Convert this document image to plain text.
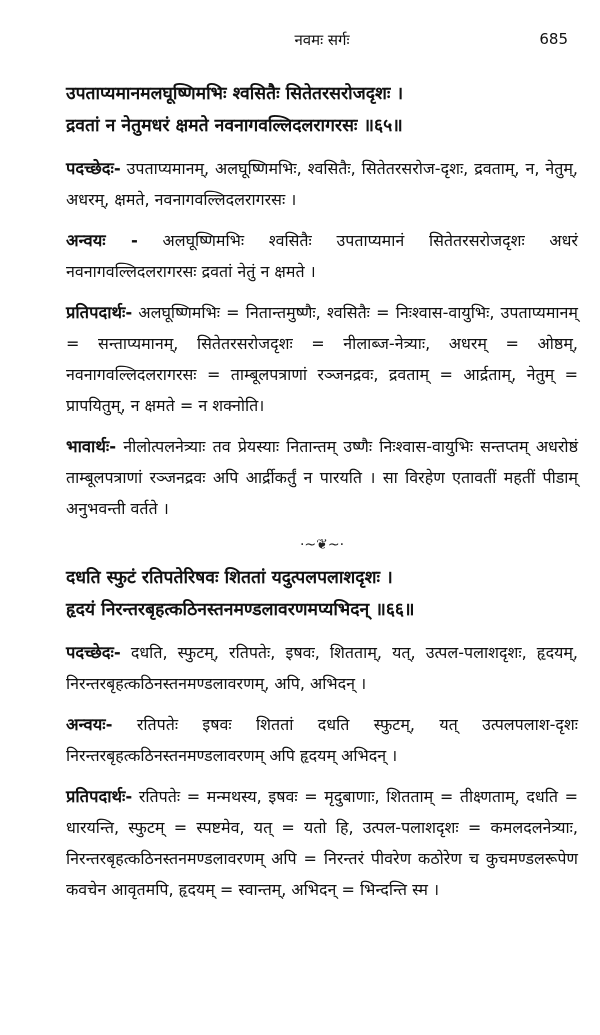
नवमः सर्गः	685

उपताप्यमानमलघूष्णिमभिः श्वसितैः सितेतरसरोजदृशः ।
द्रवतां न नेतुमधरं क्षमते नवनागवल्लिदलरागरसः ॥६५॥

पदच्छेदः- उपताप्यमानम्, अलघूष्णिमभिः, श्वसितैः, सितेतरसरोज-दृशः, द्रवताम्, न, नेतुम्, अधरम्, क्षमते, नवनागवल्लिदलरागरसः ।

अन्वयः - अलघूष्णिमभिः श्वसितैः उपताप्यमानं सितेतरसरोजदृशः अधरं नवनागवल्लिदलरागरसः द्रवतां नेतुं न क्षमते ।

प्रतिपदार्थः- अलघूष्णिमभिः = नितान्तमुष्णैः, श्वसितैः = निःश्वास-वायुभिः, उपताप्यमानम् = सन्ताप्यमानम्, सितेतरसरोजदृशः = नीलाब्ज-नेत्र्याः, अधरम् = ओष्ठम्, नवनागवल्लिदलरागरसः = ताम्बूलपत्राणां रञ्जनद्रवः, द्रवताम् = आर्द्रताम्, नेतुम् = प्रापयितुम्, न क्षमते = न शक्नोति।

भावार्थः- नीलोत्पलनेत्र्याः तव प्रेयस्याः नितान्तम् उष्णैः निःश्वास-वायुभिः सन्तप्तम् अधरोष्ठं ताम्बूलपत्राणां रञ्जनद्रवः अपि आर्द्रीकर्तुं न पारयति । सा विरहेण एतावतीं महतीं पीडाम् अनुभवन्ती वर्तते ।

·~❦~·

दधति स्फुटं रतिपतेरिषवः शिततां यदुत्पलपलाशदृशः ।
हृदयं निरन्तरबृहत्कठिनस्तनमण्डलावरणमप्यभिदन् ॥६६॥

पदच्छेदः- दधति, स्फुटम्, रतिपतेः, इषवः, शितताम्, यत्, उत्पल-पलाशदृशः, हृदयम्, निरन्तरबृहत्कठिनस्तनमण्डलावरणम्, अपि, अभिदन् ।

अन्वयः- रतिपतेः इषवः शिततां दधति स्फुटम्, यत् उत्पलपलाश-दृशः निरन्तरबृहत्कठिनस्तनमण्डलावरणम् अपि हृदयम् अभिदन् ।

प्रतिपदार्थः- रतिपतेः = मन्मथस्य, इषवः = मृदुबाणाः, शितताम् = तीक्ष्णताम्, दधति = धारयन्ति, स्फुटम् = स्पष्टमेव, यत् = यतो हि, उत्पल-पलाशदृशः = कमलदलनेत्र्याः, निरन्तरबृहत्कठिनस्तनमण्डलावरणम् अपि = निरन्तरं पीवरेण कठोरेण च कुचमण्डलरूपेण कवचेन आवृतमपि, हृदयम् = स्वान्तम्, अभिदन् = भिन्दन्ति स्म ।
